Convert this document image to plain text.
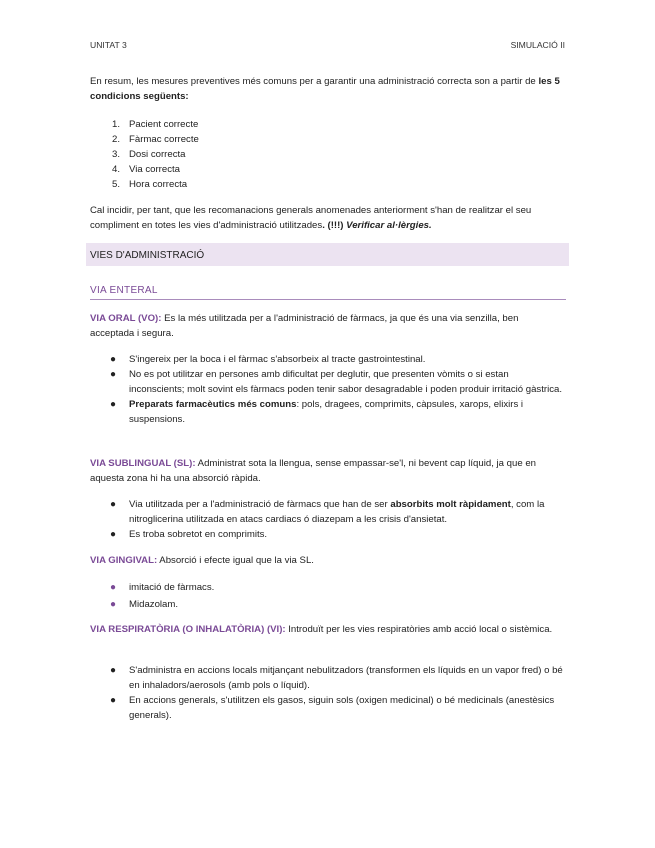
UNITAT 3	SIMULACIÓ II

En resum, les mesures preventives més comuns per a garantir una administració correcta son a partir de les 5 condicions següents:

1. Pacient correcte
2. Fàrmac correcte
3. Dosi correcta
4. Via correcta
5. Hora correcta

Cal incidir, per tant, que les recomanacions generals anomenades anteriorment s'han de realitzar el seu compliment en totes les vies d'administració utilitzades. (!!!) Verificar al·lèrgies.

VIES D'ADMINISTRACIÓ
VIA ENTERAL

VIA ORAL (VO): Es la més utilitzada per a l'administració de fàrmacs, ja que és una via senzilla, ben acceptada i segura.

● S'ingereix per la boca i el fàrmac s'absorbeix al tracte gastrointestinal.
● No es pot utilitzar en persones amb dificultat per deglutir, que presenten vòmits o si estan inconscients; molt sovint els fàrmacs poden tenir sabor desagradable i poden produir irritació gàstrica.
● Preparats farmacèutics més comuns: pols, dragees, comprimits, càpsules, xarops, elixirs i suspensions.

VIA SUBLINGUAL (SL): Administrat sota la llengua, sense empassar-se'l, ni bevent cap líquid, ja que en aquesta zona hi ha una absorció ràpida.

● Via utilitzada per a l'administració de fàrmacs que han de ser absorbits molt ràpidament, com la nitroglicerina utilitzada en atacs cardiacs ó diazepam a les crisis d'ansietat.
● Es troba sobretot en comprimits.

VIA GINGIVAL: Absorció i efecte igual que la via SL.

● imitació de fàrmacs.
● Midazolam.

VIA RESPIRATÒRIA (O INHALATÒRIA) (VI): Introduït per les vies respiratòries amb acció local o sistèmica.

● S'administra en accions locals mitjançant nebulitzadors (transformen els líquids en un vapor fred) o bé en inhaladors/aerosols (amb pols o líquid).
● En accions generals, s'utilitzen els gasos, siguin sols (oxigen medicinal) o bé medicinals (anestèsics generals).
